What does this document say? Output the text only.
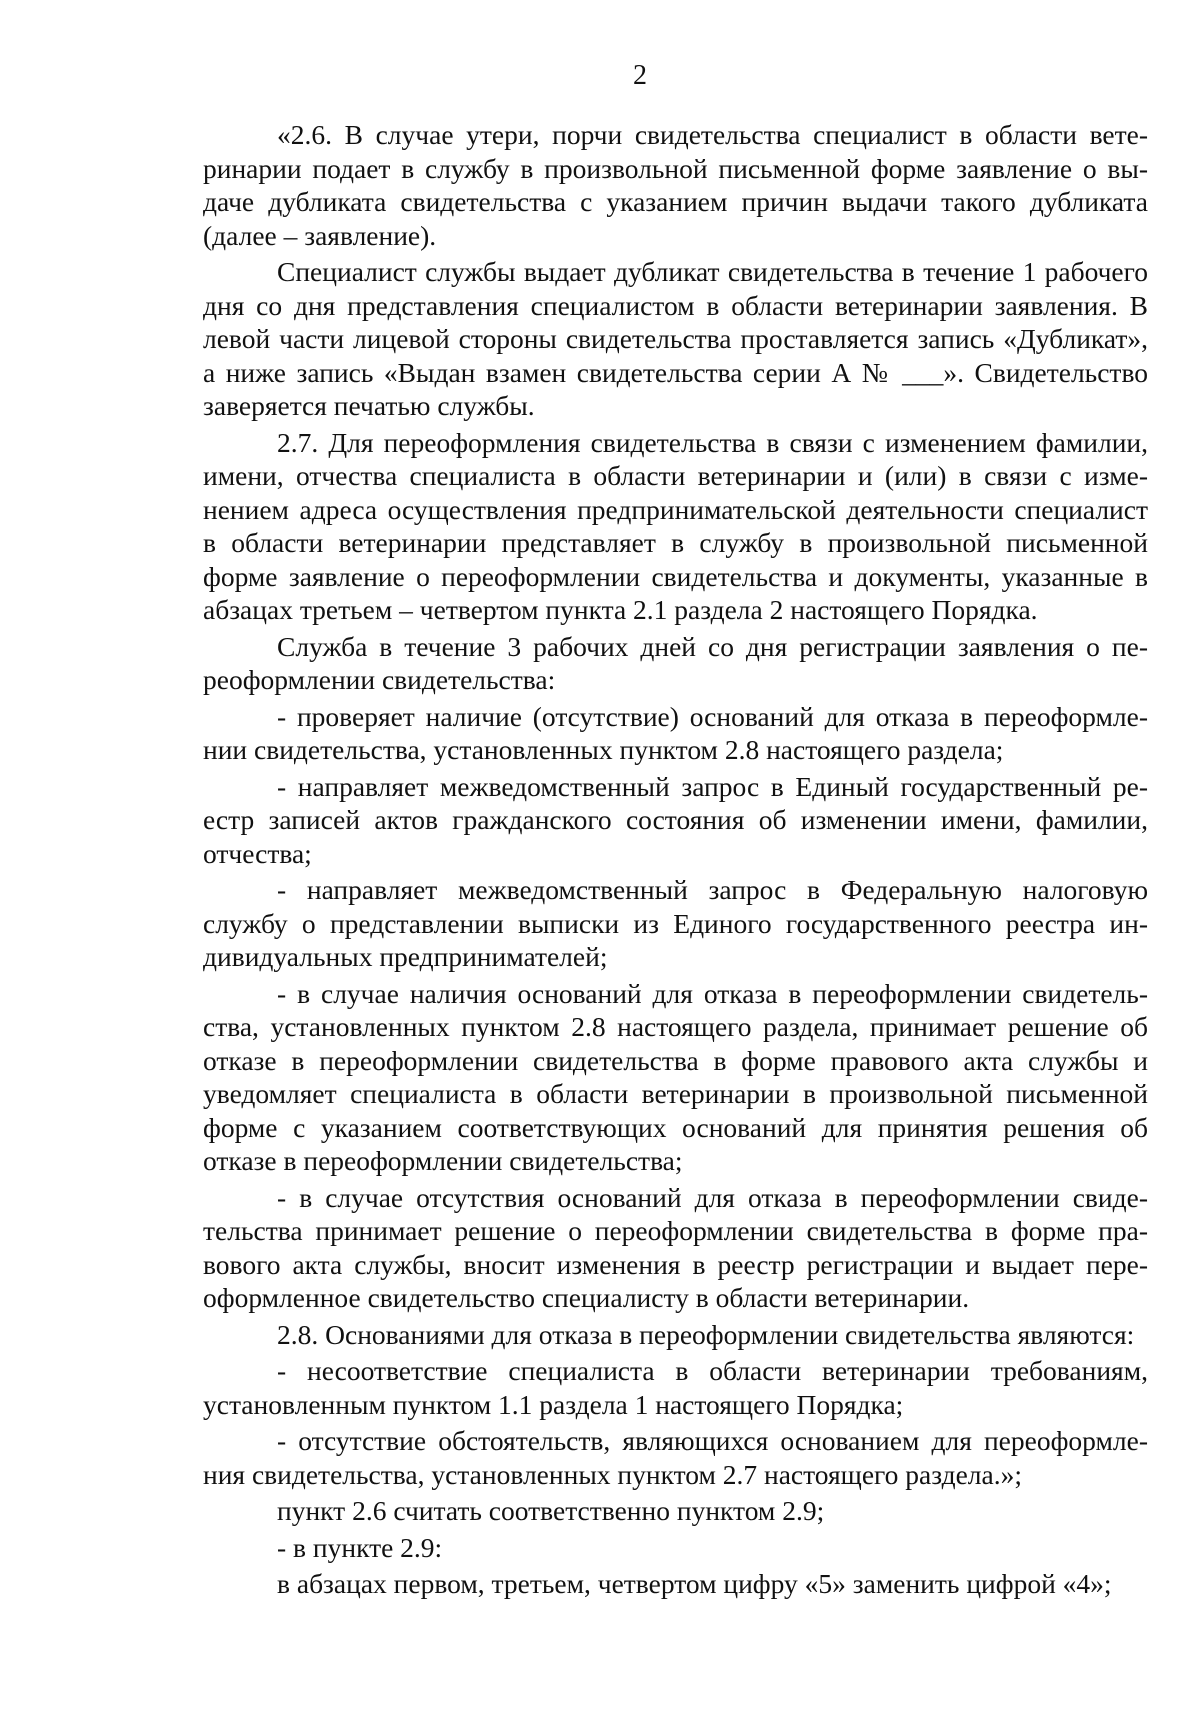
2

«2.6. В случае утери, порчи свидетельства специалист в области ветеринарии подает в службу в произвольной письменной форме заявление о выдаче дубликата свидетельства с указанием причин выдачи такого дубликата (далее – заявление).

Специалист службы выдает дубликат свидетельства в течение 1 рабочего дня со дня представления специалистом в области ветеринарии заявления. В левой части лицевой стороны свидетельства проставляется запись «Дубликат», а ниже запись «Выдан взамен свидетельства серии А № ___». Свидетельство заверяется печатью службы.

2.7. Для переоформления свидетельства в связи с изменением фамилии, имени, отчества специалиста в области ветеринарии и (или) в связи с изменением адреса осуществления предпринимательской деятельности специалист в области ветеринарии представляет в службу в произвольной письменной форме заявление о переоформлении свидетельства и документы, указанные в абзацах третьем – четвертом пункта 2.1 раздела 2 настоящего Порядка.

Служба в течение 3 рабочих дней со дня регистрации заявления о переоформлении свидетельства:

- проверяет наличие (отсутствие) оснований для отказа в переоформлении свидетельства, установленных пунктом 2.8 настоящего раздела;

- направляет межведомственный запрос в Единый государственный реестр записей актов гражданского состояния об изменении имени, фамилии, отчества;

- направляет межведомственный запрос в Федеральную налоговую службу о представлении выписки из Единого государственного реестра индивидуальных предпринимателей;

- в случае наличия оснований для отказа в переоформлении свидетельства, установленных пунктом 2.8 настоящего раздела, принимает решение об отказе в переоформлении свидетельства в форме правового акта службы и уведомляет специалиста в области ветеринарии в произвольной письменной форме с указанием соответствующих оснований для принятия решения об отказе в переоформлении свидетельства;

- в случае отсутствия оснований для отказа в переоформлении свидетельства принимает решение о переоформлении свидетельства в форме правового акта службы, вносит изменения в реестр регистрации и выдает переоформленное свидетельство специалисту в области ветеринарии.

2.8. Основаниями для отказа в переоформлении свидетельства являются:

- несоответствие специалиста в области ветеринарии требованиям, установленным пунктом 1.1 раздела 1 настоящего Порядка;

- отсутствие обстоятельств, являющихся основанием для переоформления свидетельства, установленных пунктом 2.7 настоящего раздела.»;

пункт 2.6 считать соответственно пунктом 2.9;

- в пункте 2.9:

в абзацах первом, третьем, четвертом цифру «5» заменить цифрой «4»;
